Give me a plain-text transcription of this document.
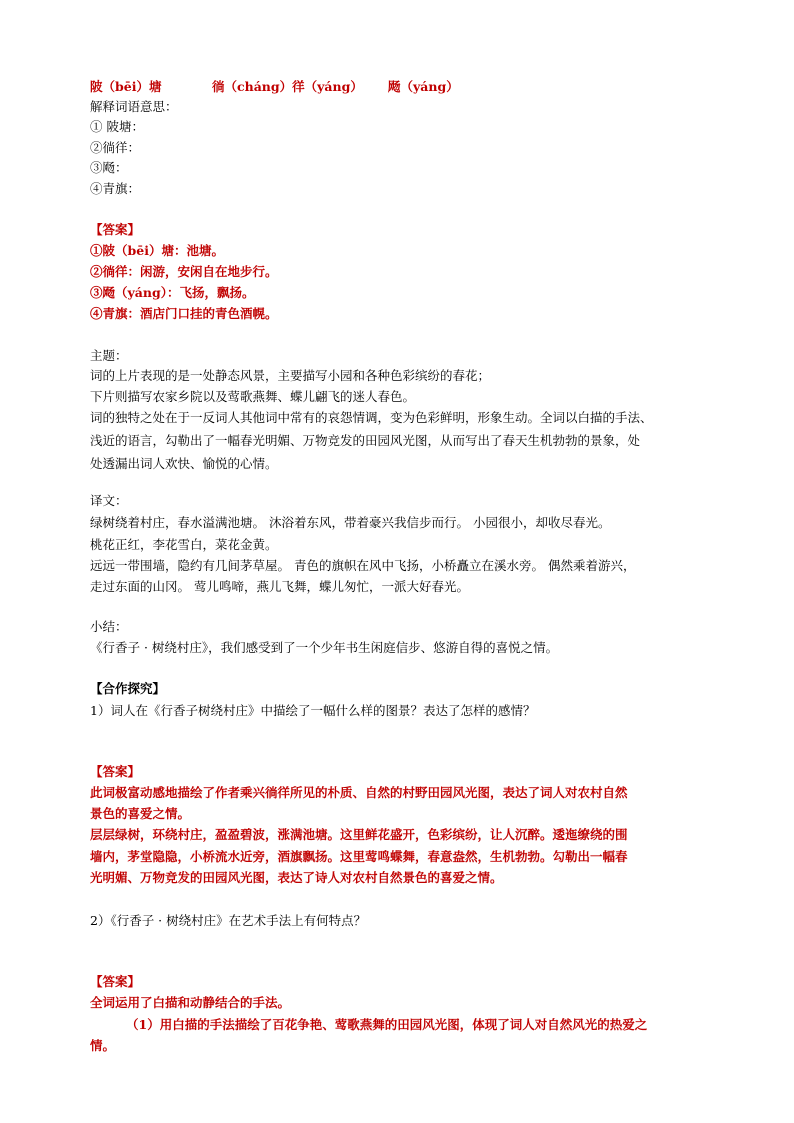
陂（bēi）塘	徜（cháng）徉（yáng） 飏（yáng）
解释词语意思：
① 陂塘：
②徜徉：
③飏：
④青旗：
【答案】
①陂（bēi）塘：池塘。
②徜徉：闲游，安闲自在地步行。
③飏（yáng）：飞扬，飘扬。
④青旗：酒店门口挂的青色酒幌。
主题：
词的上片表现的是一处静态风景，主要描写小园和各种色彩缤纷的春花；
下片则描写农家乡院以及莺歌燕舞、蝶儿翩飞的迷人春色。
词的独特之处在于一反词人其他词中常有的哀怨情调，变为色彩鲜明，形象生动。全词以白描的手法、
浅近的语言，勾勒出了一幅春光明媚、万物竞发的田园风光图，从而写出了春天生机勃勃的景象，处
处透漏出词人欢快、愉悦的心情。
译文：
绿树绕着村庄，春水溢满池塘。 沐浴着东风，带着豪兴我信步而行。 小园很小，却收尽春光。
桃花正红，李花雪白，菜花金黄。
远远一带围墙，隐约有几间茅草屋。 青色的旗帜在风中飞扬，小桥矗立在溪水旁。 偶然乘着游兴，
走过东面的山冈。 莺儿鸣啼，燕儿飞舞，蝶儿匆忙，一派大好春光。
小结：
《行香子 · 树绕村庄》，我们感受到了一个少年书生闲庭信步、悠游自得的喜悦之情。
【合作探究】
1）词人在《行香子树绕村庄》中描绘了一幅什么样的图景？表达了怎样的感情？
【答案】
此词极富动感地描绘了作者乘兴徜徉所见的朴质、自然的村野田园风光图，表达了词人对农村自然
景色的喜爱之情。
层层绿树，环绕村庄，盈盈碧波，涨满池塘。这里鲜花盛开，色彩缤纷，让人沉醉。逶迤缭绕的围
墙内，茅堂隐隐，小桥流水近旁，酒旗飘扬。这里莺鸣蝶舞，春意盎然，生机勃勃。勾勒出一幅春
光明媚、万物竞发的田园风光图，表达了诗人对农村自然景色的喜爱之情。
2）《行香子 · 树绕村庄》在艺术手法上有何特点？
【答案】
全词运用了白描和动静结合的手法。
（1）用白描的手法描绘了百花争艳、莺歌燕舞的田园风光图，体现了词人对自然风光的热爱之
情。
